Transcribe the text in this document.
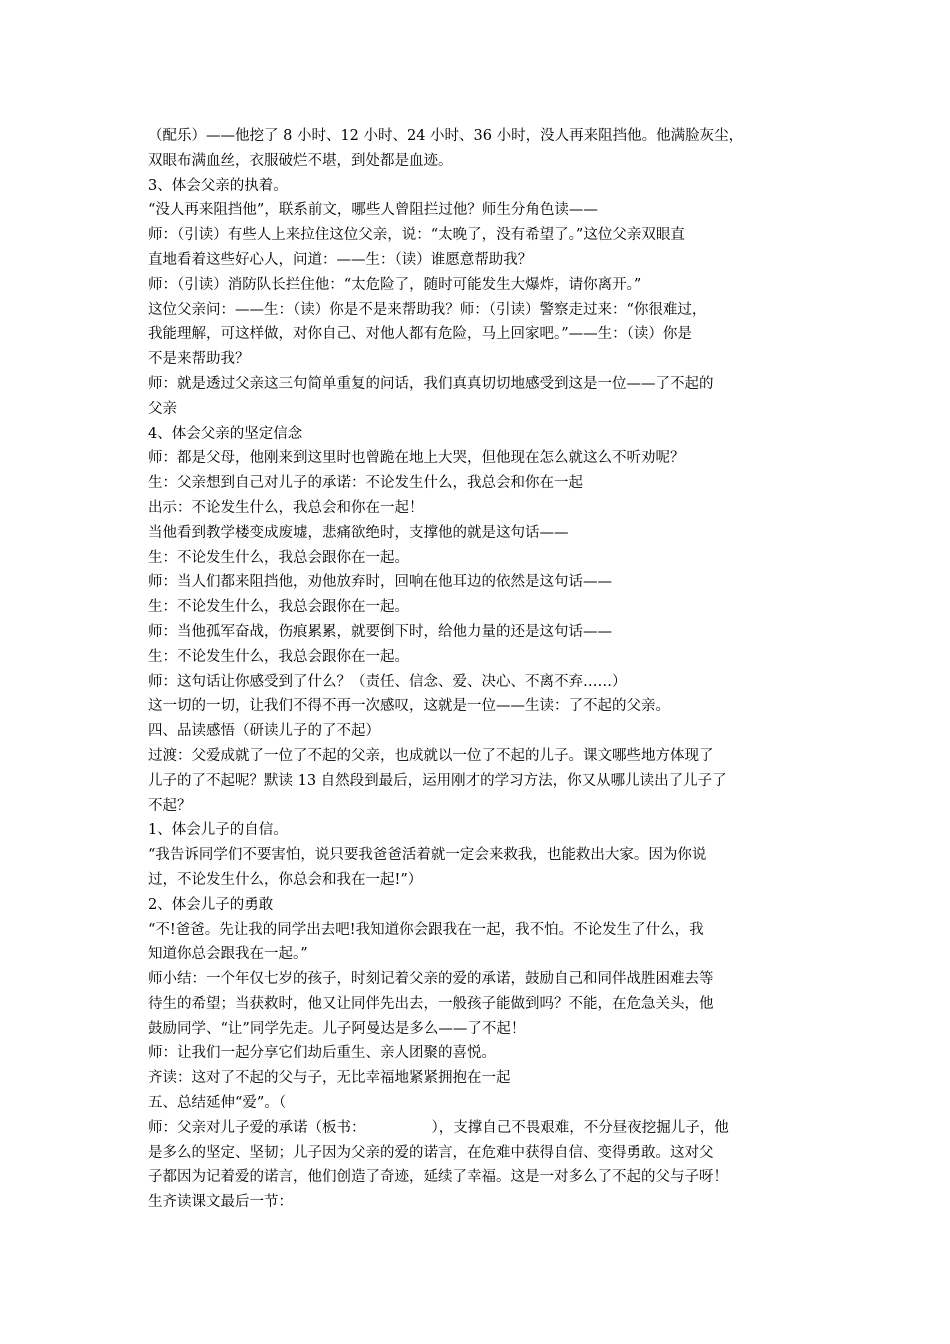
（配乐）——他挖了 8 小时、12 小时、24 小时、36 小时，没人再来阻挡他。他满脸灰尘，

双眼布满血丝，衣服破烂不堪，到处都是血迹。

3、体会父亲的执着。

“没人再来阻挡他”，联系前文，哪些人曾阻拦过他？师生分角色读——

师：（引读）有些人上来拉住这位父亲，说：“太晚了，没有希望了。”这位父亲双眼直

直地看着这些好心人，问道：——生：（读）谁愿意帮助我？

师：（引读）消防队长拦住他：“太危险了，随时可能发生大爆炸，请你离开。”

这位父亲问：——生：（读）你是不是来帮助我？师：（引读）警察走过来：“你很难过，

我能理解，可这样做，对你自己、对他人都有危险，马上回家吧。”——生：（读）你是

不是来帮助我？

师：就是透过父亲这三句简单重复的问话，我们真真切切地感受到这是一位——了不起的

父亲

4、体会父亲的坚定信念

师：都是父母，他刚来到这里时也曾跪在地上大哭，但他现在怎么就这么不听劝呢？

生：父亲想到自己对儿子的承诺：不论发生什么，我总会和你在一起

出示：不论发生什么，我总会和你在一起！

当他看到教学楼变成废墟，悲痛欲绝时，支撑他的就是这句话——

生：不论发生什么，我总会跟你在一起。

师：当人们都来阻挡他，劝他放弃时，回响在他耳边的依然是这句话——

生：不论发生什么，我总会跟你在一起。

师：当他孤军奋战，伤痕累累，就要倒下时，给他力量的还是这句话——

生：不论发生什么，我总会跟你在一起。

师：这句话让你感受到了什么？（责任、信念、爱、决心、不离不弃……）

这一切的一切，让我们不得不再一次感叹，这就是一位——生读：了不起的父亲。

四、品读感悟（研读儿子的了不起）

过渡：父爱成就了一位了不起的父亲，也成就以一位了不起的儿子。课文哪些地方体现了

儿子的了不起呢？默读 13 自然段到最后，运用刚才的学习方法，你又从哪儿读出了儿子了

不起？

1、体会儿子的自信。

“我告诉同学们不要害怕，说只要我爸爸活着就一定会来救我，也能救出大家。因为你说

过，不论发生什么，你总会和我在一起!”）

2、体会儿子的勇敢

“不!爸爸。先让我的同学出去吧!我知道你会跟我在一起，我不怕。不论发生了什么，我

知道你总会跟我在一起。”

师小结：一个年仅七岁的孩子，时刻记着父亲的爱的承诺，鼓励自己和同伴战胜困难去等

待生的希望；当获救时，他又让同伴先出去，一般孩子能做到吗？不能，在危急关头，他

鼓励同学、“让”同学先走。儿子阿曼达是多么——了不起！

师：让我们一起分享它们劫后重生、亲人团聚的喜悦。

齐读：这对了不起的父与子，无比幸福地紧紧拥抱在一起

五、总结延伸“爱”。（

师：父亲对儿子爱的承诺（板书：	），支撑自己不畏艰难，不分昼夜挖掘儿子，他

是多么的坚定、坚韧；儿子因为父亲的爱的诺言，在危难中获得自信、变得勇敢。这对父

子都因为记着爱的诺言，他们创造了奇迹，延续了幸福。这是一对多么了不起的父与子呀！

生齐读课文最后一节：
